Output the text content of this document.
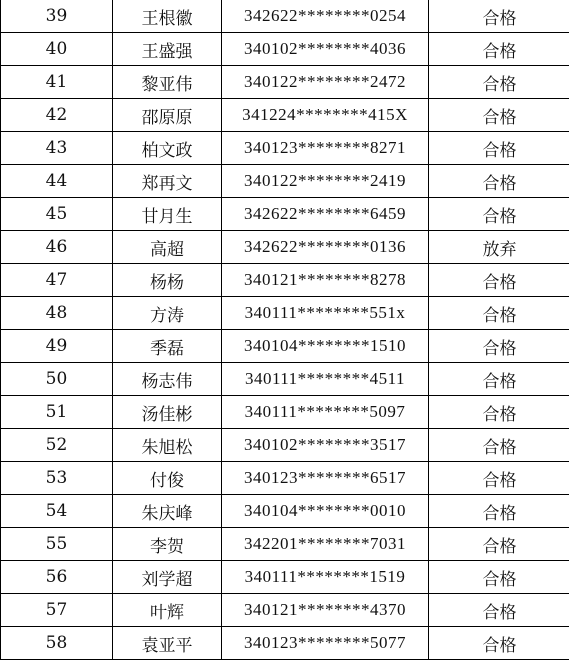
39	王根徽	342622********0254	合格
40	王盛强	340102********4036	合格
41	黎亚伟	340122********2472	合格
42	邵原原	341224********415X	合格
43	柏文政	340123********8271	合格
44	郑再文	340122********2419	合格
45	甘月生	342622********6459	合格
46	高超	342622********0136	放弃
47	杨杨	340121********8278	合格
48	方涛	340111********551x	合格
49	季磊	340104********1510	合格
50	杨志伟	340111********4511	合格
51	汤佳彬	340111********5097	合格
52	朱旭松	340102********3517	合格
53	付俊	340123********6517	合格
54	朱庆峰	340104********0010	合格
55	李贺	342201********7031	合格
56	刘学超	340111********1519	合格
57	叶辉	340121********4370	合格
58	袁亚平	340123********5077	合格
